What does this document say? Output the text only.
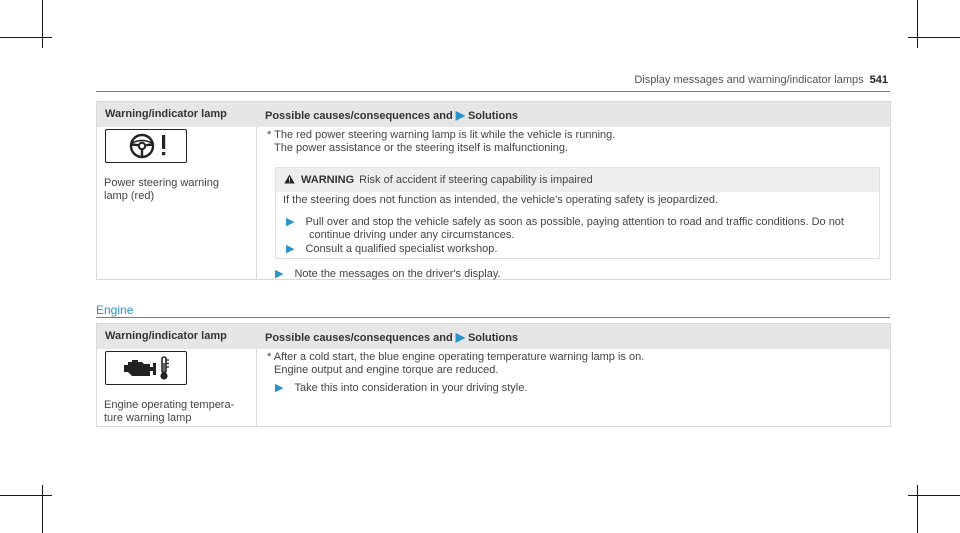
Display messages and warning/indicator lamps 541
Warning/indicator lamp	Possible causes/consequences and ▶ Solutions
Power steering warning
lamp (red)
* The red power steering warning lamp is lit while the vehicle is running.
The power assistance or the steering itself is malfunctioning.
WARNING Risk of accident if steering capability is impaired
If the steering does not function as intended, the vehicle's operating safety is jeopardized.
▶ Pull over and stop the vehicle safely as soon as possible, paying attention to road and traffic conditions. Do not
continue driving under any circumstances.
▶ Consult a qualified specialist workshop.
▶ Note the messages on the driver's display.
Engine
Warning/indicator lamp	Possible causes/consequences and ▶ Solutions
Engine operating tempera-
ture warning lamp
* After a cold start, the blue engine operating temperature warning lamp is on.
Engine output and engine torque are reduced.
▶ Take this into consideration in your driving style.
